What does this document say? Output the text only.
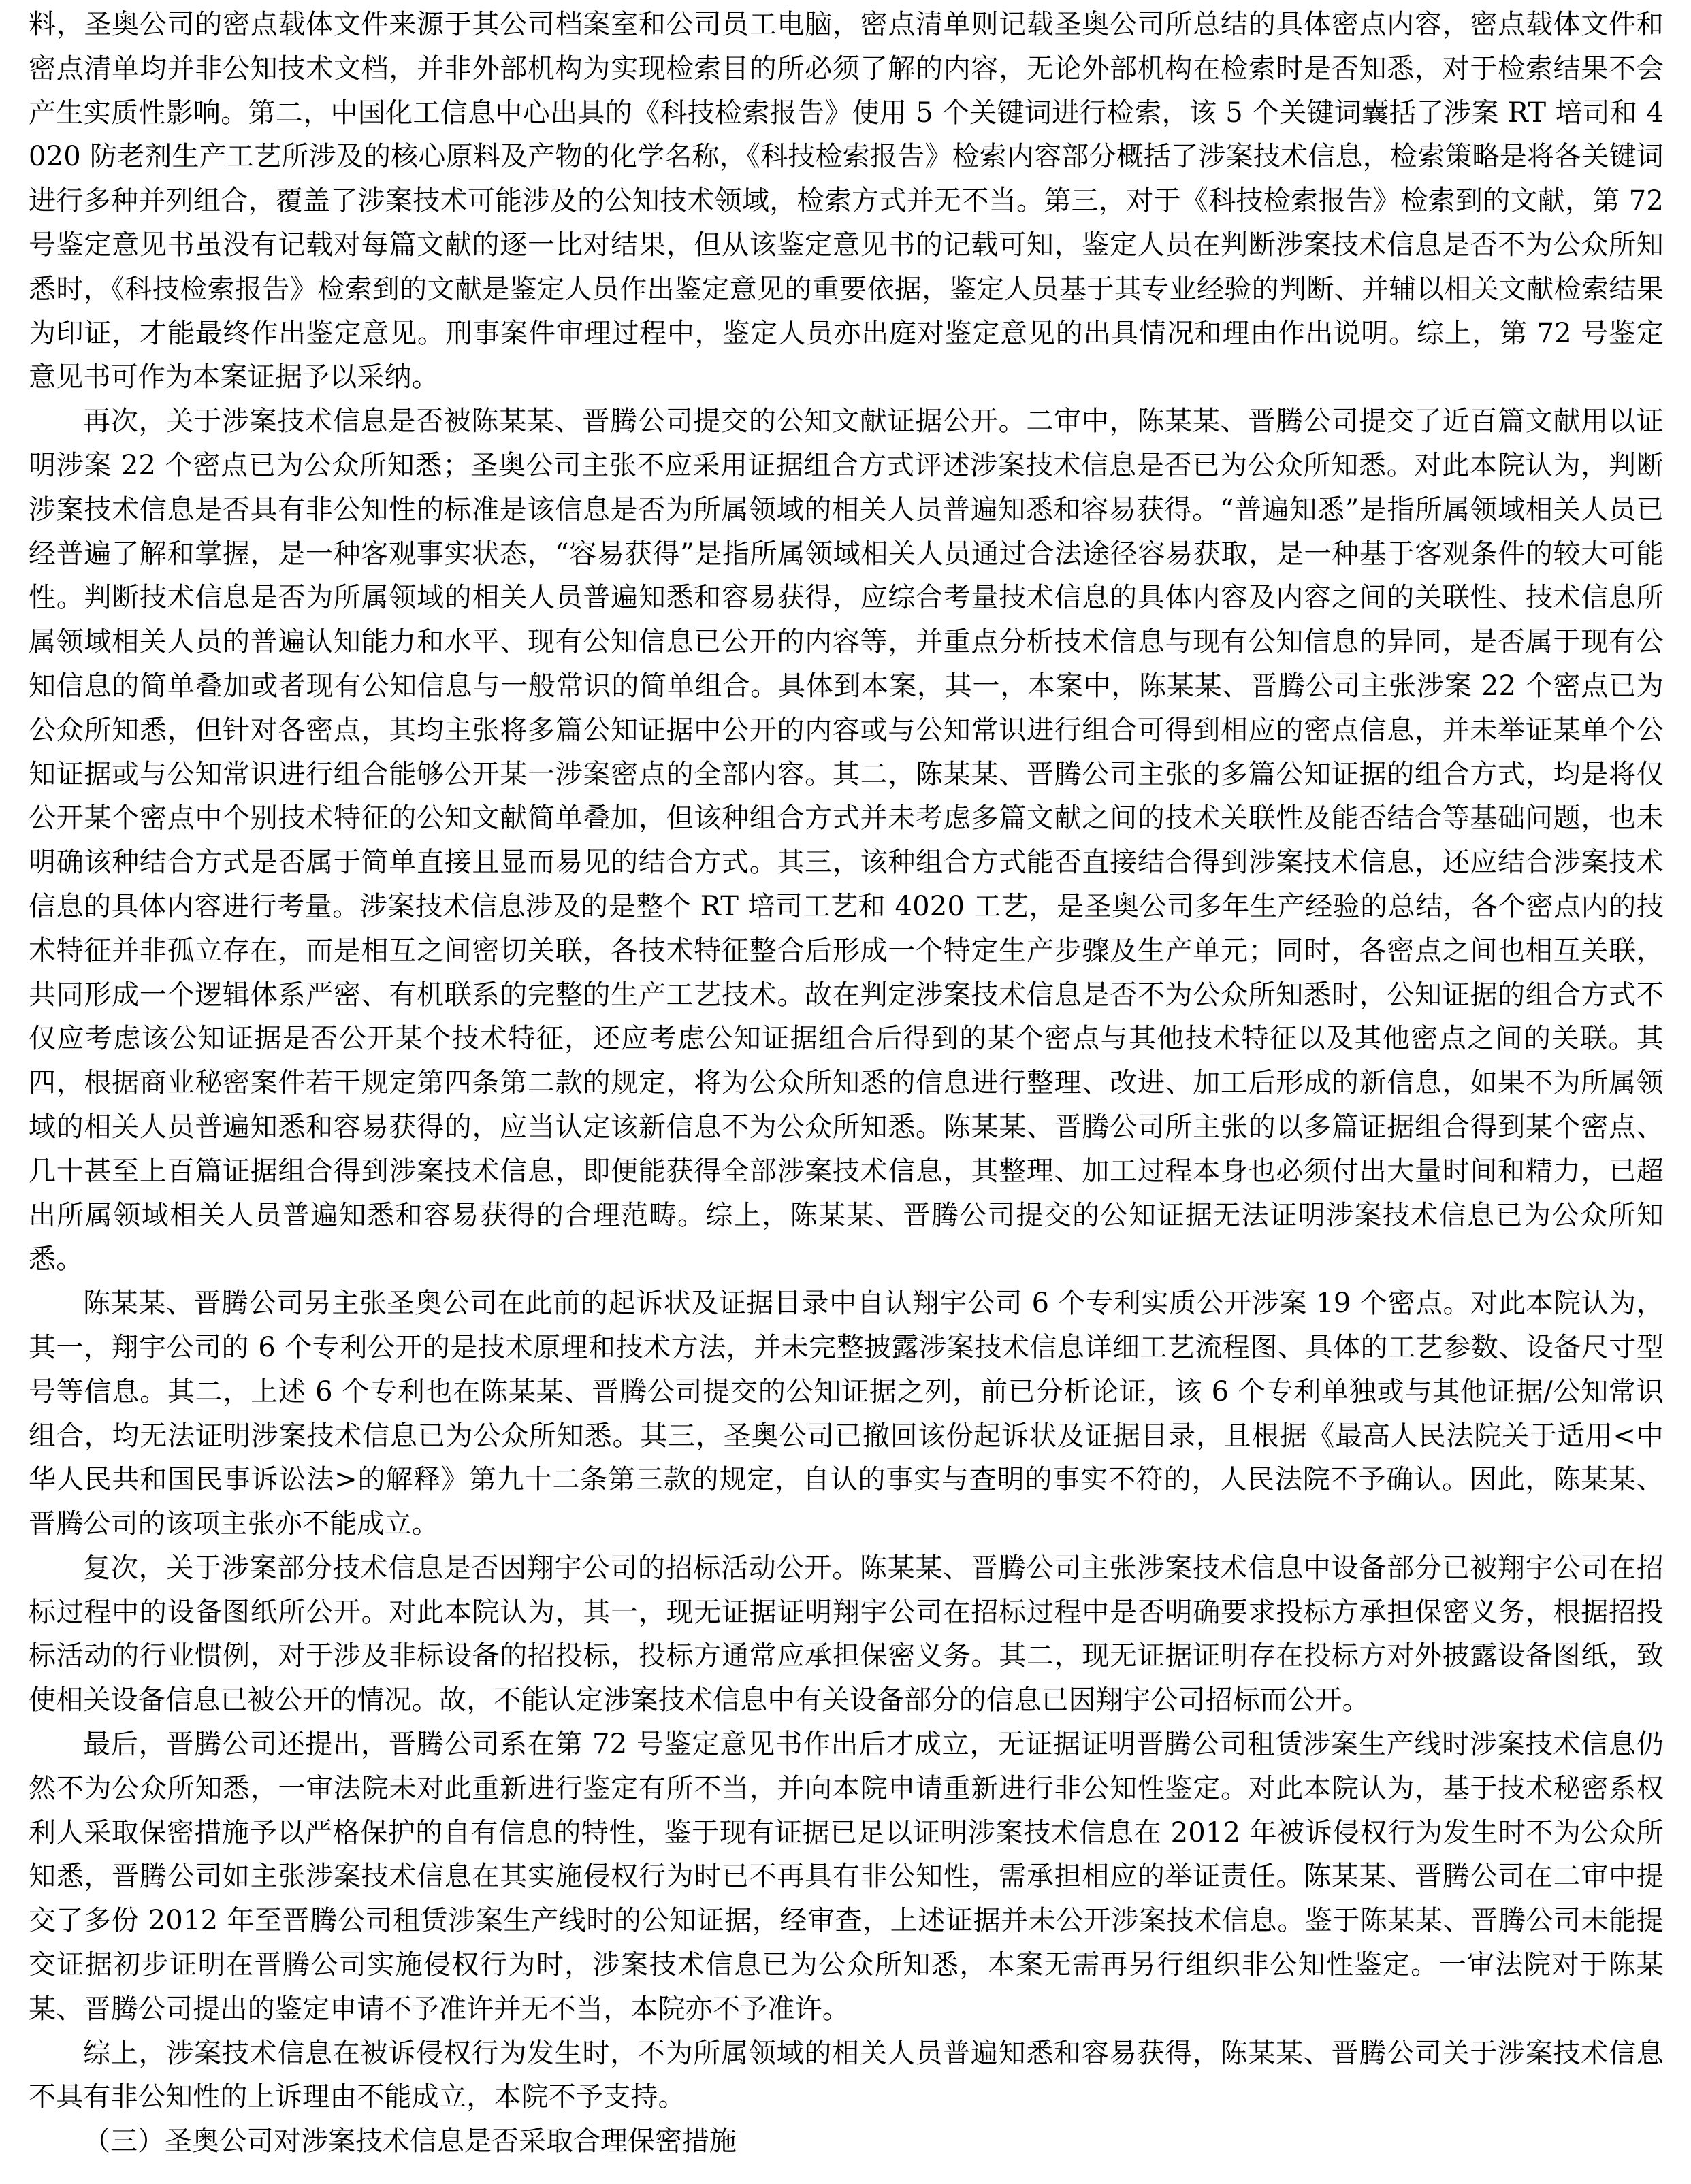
料，圣奥公司的密点载体文件来源于其公司档案室和公司员工电脑，密点清单则记载圣奥公司所总结的具体密点内容，密点载体文件和密点清单均并非公知技术文档，并非外部机构为实现检索目的所必须了解的内容，无论外部机构在检索时是否知悉，对于检索结果不会产生实质性影响。第二，中国化工信息中心出具的《科技检索报告》使用 5 个关键词进行检索，该 5 个关键词囊括了涉案 RT 培司和 4020 防老剂生产工艺所涉及的核心原料及产物的化学名称，《科技检索报告》检索内容部分概括了涉案技术信息，检索策略是将各关键词进行多种并列组合，覆盖了涉案技术可能涉及的公知技术领域，检索方式并无不当。第三，对于《科技检索报告》检索到的文献，第 72 号鉴定意见书虽没有记载对每篇文献的逐一比对结果，但从该鉴定意见书的记载可知，鉴定人员在判断涉案技术信息是否不为公众所知悉时，《科技检索报告》检索到的文献是鉴定人员作出鉴定意见的重要依据，鉴定人员基于其专业经验的判断、并辅以相关文献检索结果为印证，才能最终作出鉴定意见。刑事案件审理过程中，鉴定人员亦出庭对鉴定意见的出具情况和理由作出说明。综上，第 72 号鉴定意见书可作为本案证据予以采纳。

再次，关于涉案技术信息是否被陈某某、晋腾公司提交的公知文献证据公开。二审中，陈某某、晋腾公司提交了近百篇文献用以证明涉案 22 个密点已为公众所知悉；圣奥公司主张不应采用证据组合方式评述涉案技术信息是否已为公众所知悉。对此本院认为，判断涉案技术信息是否具有非公知性的标准是该信息是否为所属领域的相关人员普遍知悉和容易获得。“普遍知悉”是指所属领域相关人员已经普遍了解和掌握，是一种客观事实状态，“容易获得”是指所属领域相关人员通过合法途径容易获取，是一种基于客观条件的较大可能性。判断技术信息是否为所属领域的相关人员普遍知悉和容易获得，应综合考量技术信息的具体内容及内容之间的关联性、技术信息所属领域相关人员的普遍认知能力和水平、现有公知信息已公开的内容等，并重点分析技术信息与现有公知信息的异同，是否属于现有公知信息的简单叠加或者现有公知信息与一般常识的简单组合。具体到本案，其一，本案中，陈某某、晋腾公司主张涉案 22 个密点已为公众所知悉，但针对各密点，其均主张将多篇公知证据中公开的内容或与公知常识进行组合可得到相应的密点信息，并未举证某单个公知证据或与公知常识进行组合能够公开某一涉案密点的全部内容。其二，陈某某、晋腾公司主张的多篇公知证据的组合方式，均是将仅公开某个密点中个别技术特征的公知文献简单叠加，但该种组合方式并未考虑多篇文献之间的技术关联性及能否结合等基础问题，也未明确该种结合方式是否属于简单直接且显而易见的结合方式。其三，该种组合方式能否直接结合得到涉案技术信息，还应结合涉案技术信息的具体内容进行考量。涉案技术信息涉及的是整个 RT 培司工艺和 4020 工艺，是圣奥公司多年生产经验的总结，各个密点内的技术特征并非孤立存在，而是相互之间密切关联，各技术特征整合后形成一个特定生产步骤及生产单元；同时，各密点之间也相互关联，共同形成一个逻辑体系严密、有机联系的完整的生产工艺技术。故在判定涉案技术信息是否不为公众所知悉时，公知证据的组合方式不仅应考虑该公知证据是否公开某个技术特征，还应考虑公知证据组合后得到的某个密点与其他技术特征以及其他密点之间的关联。其四，根据商业秘密案件若干规定第四条第二款的规定，将为公众所知悉的信息进行整理、改进、加工后形成的新信息，如果不为所属领域的相关人员普遍知悉和容易获得的，应当认定该新信息不为公众所知悉。陈某某、晋腾公司所主张的以多篇证据组合得到某个密点、几十甚至上百篇证据组合得到涉案技术信息，即便能获得全部涉案技术信息，其整理、加工过程本身也必须付出大量时间和精力，已超出所属领域相关人员普遍知悉和容易获得的合理范畴。综上，陈某某、晋腾公司提交的公知证据无法证明涉案技术信息已为公众所知悉。

陈某某、晋腾公司另主张圣奥公司在此前的起诉状及证据目录中自认翔宇公司 6 个专利实质公开涉案 19 个密点。对此本院认为，其一，翔宇公司的 6 个专利公开的是技术原理和技术方法，并未完整披露涉案技术信息详细工艺流程图、具体的工艺参数、设备尺寸型号等信息。其二，上述 6 个专利也在陈某某、晋腾公司提交的公知证据之列，前已分析论证，该 6 个专利单独或与其他证据/公知常识组合，均无法证明涉案技术信息已为公众所知悉。其三，圣奥公司已撤回该份起诉状及证据目录，且根据《最高人民法院关于适用<中华人民共和国民事诉讼法>的解释》第九十二条第三款的规定，自认的事实与查明的事实不符的，人民法院不予确认。因此，陈某某、晋腾公司的该项主张亦不能成立。

复次，关于涉案部分技术信息是否因翔宇公司的招标活动公开。陈某某、晋腾公司主张涉案技术信息中设备部分已被翔宇公司在招标过程中的设备图纸所公开。对此本院认为，其一，现无证据证明翔宇公司在招标过程中是否明确要求投标方承担保密义务，根据招投标活动的行业惯例，对于涉及非标设备的招投标，投标方通常应承担保密义务。其二，现无证据证明存在投标方对外披露设备图纸，致使相关设备信息已被公开的情况。故，不能认定涉案技术信息中有关设备部分的信息已因翔宇公司招标而公开。

最后，晋腾公司还提出，晋腾公司系在第 72 号鉴定意见书作出后才成立，无证据证明晋腾公司租赁涉案生产线时涉案技术信息仍然不为公众所知悉，一审法院未对此重新进行鉴定有所不当，并向本院申请重新进行非公知性鉴定。对此本院认为，基于技术秘密系权利人采取保密措施予以严格保护的自有信息的特性，鉴于现有证据已足以证明涉案技术信息在 2012 年被诉侵权行为发生时不为公众所知悉，晋腾公司如主张涉案技术信息在其实施侵权行为时已不再具有非公知性，需承担相应的举证责任。陈某某、晋腾公司在二审中提交了多份 2012 年至晋腾公司租赁涉案生产线时的公知证据，经审查，上述证据并未公开涉案技术信息。鉴于陈某某、晋腾公司未能提交证据初步证明在晋腾公司实施侵权行为时，涉案技术信息已为公众所知悉，本案无需再另行组织非公知性鉴定。一审法院对于陈某某、晋腾公司提出的鉴定申请不予准许并无不当，本院亦不予准许。

综上，涉案技术信息在被诉侵权行为发生时，不为所属领域的相关人员普遍知悉和容易获得，陈某某、晋腾公司关于涉案技术信息不具有非公知性的上诉理由不能成立，本院不予支持。

（三）圣奥公司对涉案技术信息是否采取合理保密措施
